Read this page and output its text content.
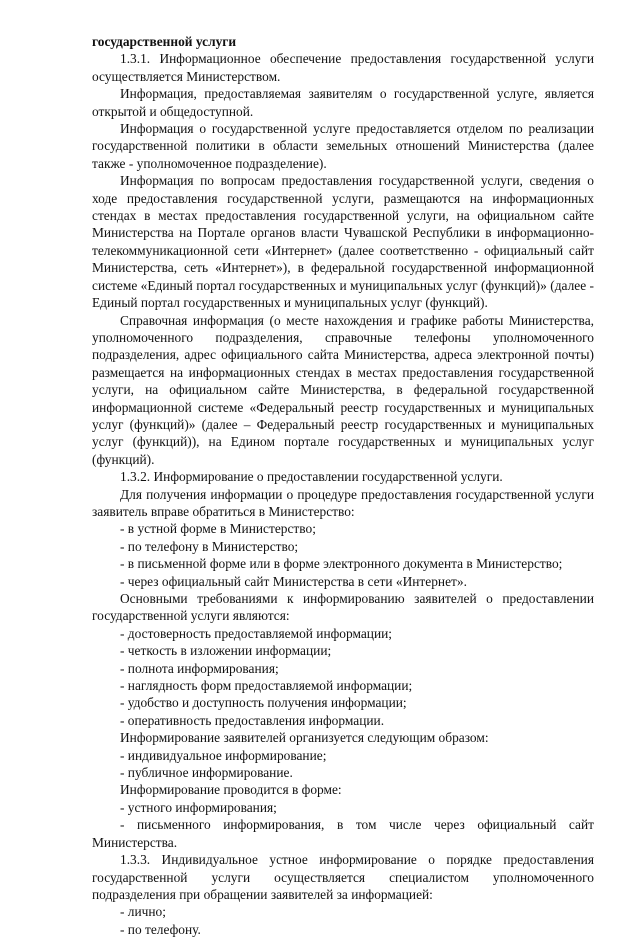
государственной услуги

1.3.1. Информационное обеспечение предоставления государственной услуги осуществляется Министерством.

Информация, предоставляемая заявителям о государственной услуге, является открытой и общедоступной.

Информация о государственной услуге предоставляется отделом по реализации государственной политики в области земельных отношений Министерства (далее также - уполномоченное подразделение).

Информация по вопросам предоставления государственной услуги, сведения о ходе предоставления государственной услуги, размещаются на информационных стендах в местах предоставления государственной услуги, на официальном сайте Министерства на Портале органов власти Чувашской Республики в информационно-телекоммуникационной сети «Интернет» (далее соответственно - официальный сайт Министерства, сеть «Интернет»), в федеральной государственной информационной системе «Единый портал государственных и муниципальных услуг (функций)» (далее - Единый портал государственных и муниципальных услуг (функций).

Справочная информация (о месте нахождения и графике работы Министерства, уполномоченного подразделения, справочные телефоны уполномоченного подразделения, адрес официального сайта Министерства, адреса электронной почты) размещается на информационных стендах в местах предоставления государственной услуги, на официальном сайте Министерства, в федеральной государственной информационной системе «Федеральный реестр государственных и муниципальных услуг (функций)» (далее – Федеральный реестр государственных и муниципальных услуг (функций)), на Едином портале государственных и муниципальных услуг (функций).

1.3.2. Информирование о предоставлении государственной услуги.

Для получения информации о процедуре предоставления государственной услуги заявитель вправе обратиться в Министерство:

- в устной форме в Министерство;

- по телефону в Министерство;

- в письменной форме или в форме электронного документа в Министерство;

- через официальный сайт Министерства в сети «Интернет».

Основными требованиями к информированию заявителей о предоставлении государственной услуги являются:

- достоверность предоставляемой информации;

- четкость в изложении информации;

- полнота информирования;

- наглядность форм предоставляемой информации;

- удобство и доступность получения информации;

- оперативность предоставления информации.

Информирование заявителей организуется следующим образом:

- индивидуальное информирование;

- публичное информирование.

Информирование проводится в форме:

- устного информирования;

- письменного информирования, в том числе через официальный сайт Министерства.

1.3.3. Индивидуальное устное информирование о порядке предоставления государственной услуги осуществляется специалистом уполномоченного подразделения при обращении заявителей за информацией:

- лично;

- по телефону.
